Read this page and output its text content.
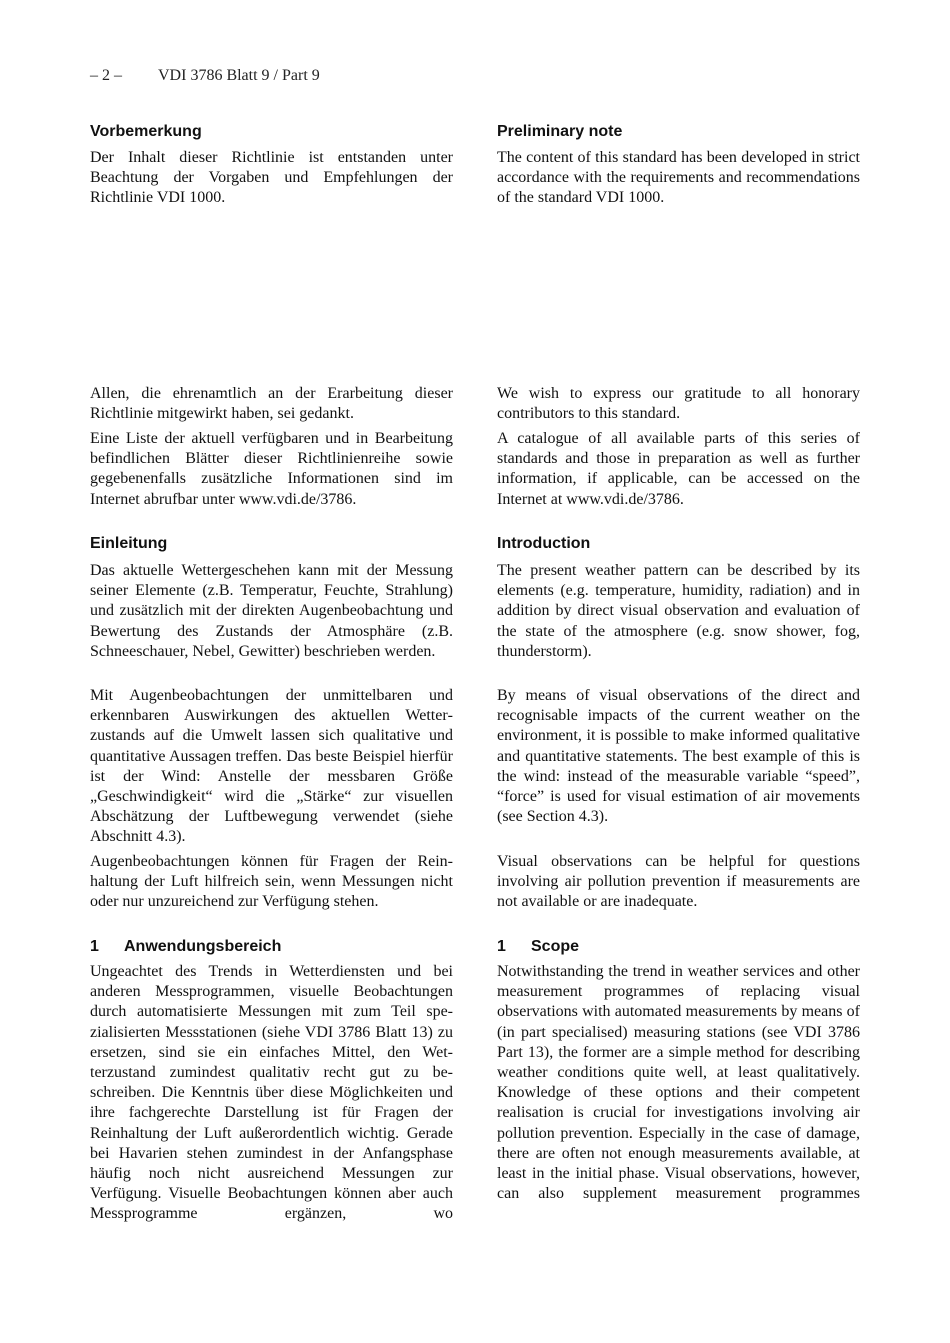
– 2 – VDI 3786 Blatt 9 / Part 9
Vorbemerkung

Der Inhalt dieser Richtlinie ist entstanden unter Beachtung der Vorgaben und Empfehlungen der Richtlinie VDI 1000.

Allen, die ehrenamtlich an der Erarbeitung dieser Richtlinie mitgewirkt haben, sei gedankt.

Eine Liste der aktuell verfügbaren und in Bearbeitung befindlichen Blätter dieser Richtlinienreihe sowie gegebenenfalls zusätzliche Informationen sind im Internet abrufbar unter www.vdi.de/3786.

Einleitung

Das aktuelle Wettergeschehen kann mit der Messung seiner Elemente (z.B. Temperatur, Feuchte, Strahlung) und zusätzlich mit der direkten Augenbeobachtung und Bewertung des Zustands der Atmosphäre (z.B. Schneeschauer, Nebel, Gewitter) beschrieben werden.

Mit Augenbeobachtungen der unmittelbaren und erkennbaren Auswirkungen des aktuellen Wetterzustands auf die Umwelt lassen sich qualitative und quantitative Aussagen treffen. Das beste Beispiel hierfür ist der Wind: Anstelle der messbaren Größe „Geschwindigkeit“ wird die „Stärke“ zur visuellen Abschätzung der Luftbewegung verwendet (siehe Abschnitt 4.3).

Augenbeobachtungen können für Fragen der Reinhaltung der Luft hilfreich sein, wenn Messungen nicht oder nur unzureichend zur Verfügung stehen.

1 Anwendungsbereich

Ungeachtet des Trends in Wetterdiensten und bei anderen Messprogrammen, visuelle Beobachtungen durch automatisierte Messungen mit zum Teil spezialisierten Messstationen (siehe VDI 3786 Blatt 13) zu ersetzen, sind sie ein einfaches Mittel, den Wetterzustand zumindest qualitativ recht gut zu beschreiben. Die Kenntnis über diese Möglichkeiten und ihre fachgerechte Darstellung ist für Fragen der Reinhaltung der Luft außerordentlich wichtig. Gerade bei Havarien stehen zumindest in der Anfangsphase häufig noch nicht ausreichend Messungen zur Verfügung. Visuelle Beobachtungen können aber auch Messprogramme ergänzen, wo

Preliminary note

The content of this standard has been developed in strict accordance with the requirements and recommendations of the standard VDI 1000.

We wish to express our gratitude to all honorary contributors to this standard.

A catalogue of all available parts of this series of standards and those in preparation as well as further information, if applicable, can be accessed on the Internet at www.vdi.de/3786.

Introduction

The present weather pattern can be described by its elements (e.g. temperature, humidity, radiation) and in addition by direct visual observation and evaluation of the state of the atmosphere (e.g. snow shower, fog, thunderstorm).

By means of visual observations of the direct and recognisable impacts of the current weather on the environment, it is possible to make informed qualitative and quantitative statements. The best example of this is the wind: instead of the measurable variable “speed”, “force” is used for visual estimation of air movements (see Section 4.3).

Visual observations can be helpful for questions involving air pollution prevention if measurements are not available or are inadequate.

1 Scope

Notwithstanding the trend in weather services and other measurement programmes of replacing visual observations with automated measurements by means of (in part specialised) measuring stations (see VDI 3786 Part 13), the former are a simple method for describing weather conditions quite well, at least qualitatively. Knowledge of these options and their competent realisation is crucial for investigations involving air pollution prevention. Especially in the case of damage, there are often not enough measurements available, at least in the initial phase. Visual observations, however, can also supplement measurement programmes
